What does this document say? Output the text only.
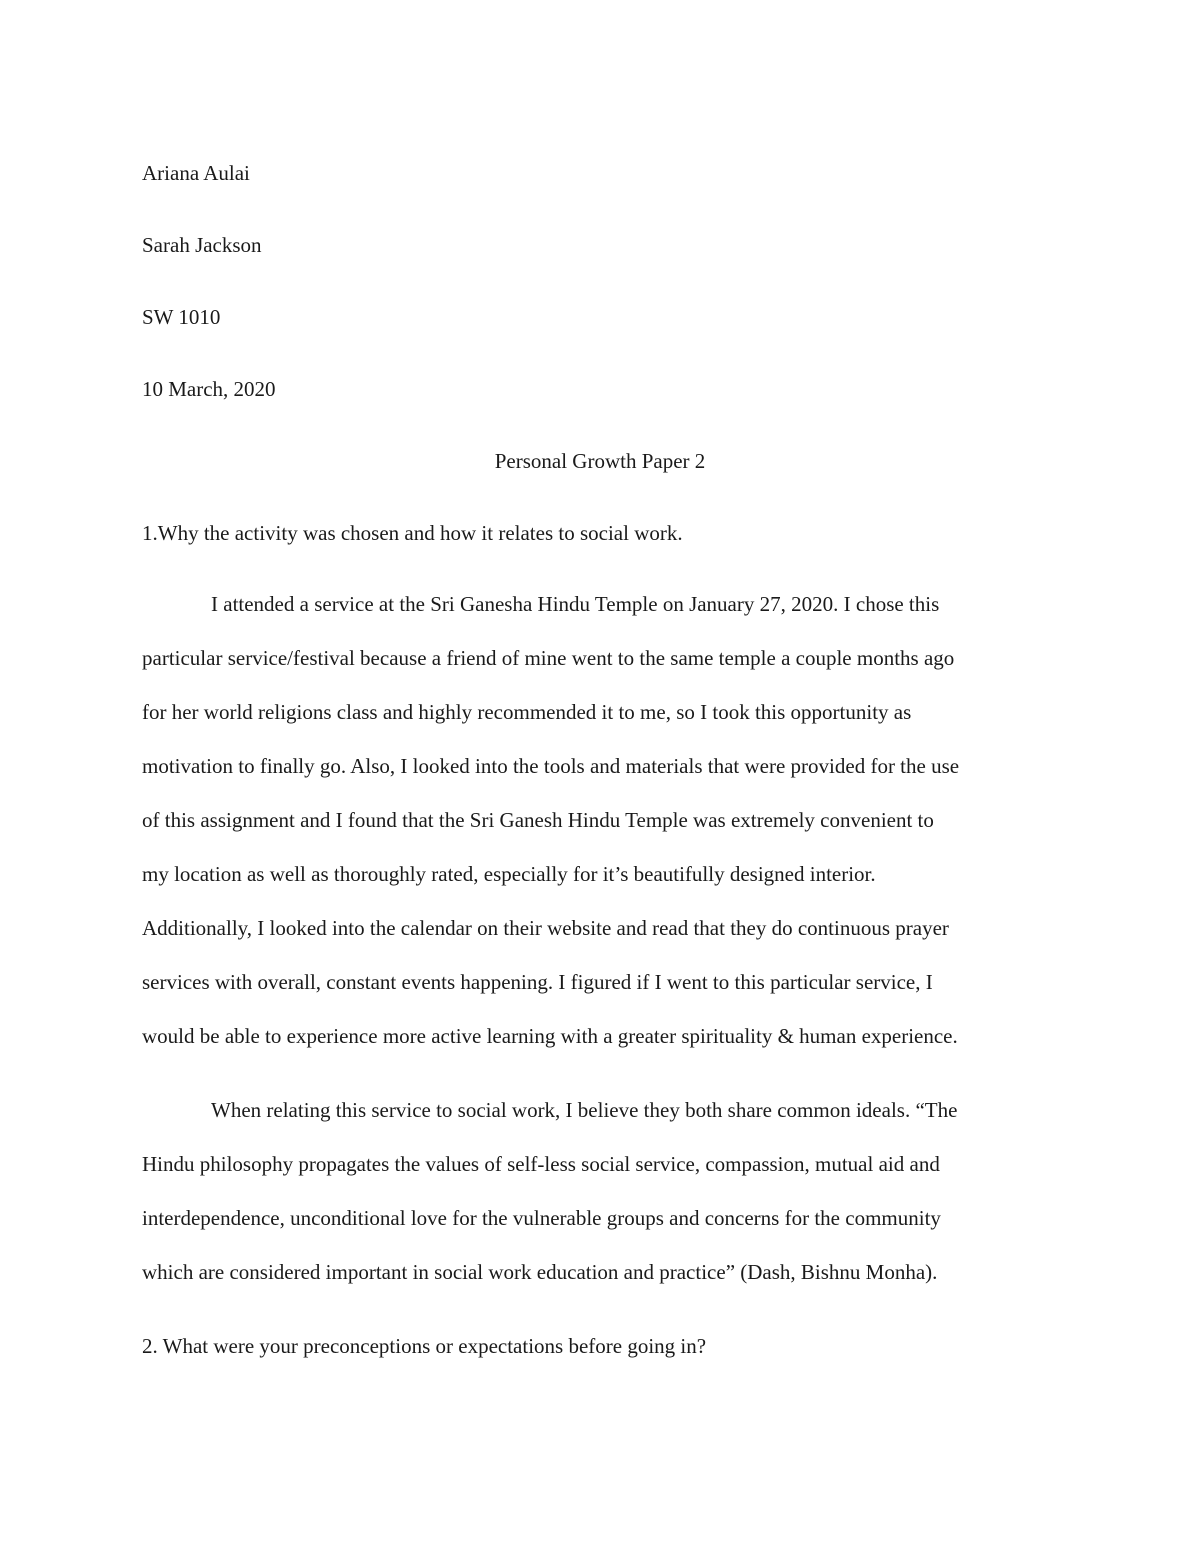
Ariana Aulai
Sarah Jackson
SW 1010
10 March, 2020
Personal Growth Paper 2
1.Why the activity was chosen and how it relates to social work.
I attended a service at the Sri Ganesha Hindu Temple on January 27, 2020. I chose this
particular service/festival because a friend of mine went to the same temple a couple months ago
for her world religions class and highly recommended it to me, so I took this opportunity as
motivation to finally go. Also, I looked into the tools and materials that were provided for the use
of this assignment and I found that the Sri Ganesh Hindu Temple was extremely convenient to
my location as well as thoroughly rated, especially for it’s beautifully designed interior.
Additionally, I looked into the calendar on their website and read that they do continuous prayer
services with overall, constant events happening. I figured if I went to this particular service, I
would be able to experience more active learning with a greater spirituality & human experience.
When relating this service to social work, I believe they both share common ideals. “The
Hindu philosophy propagates the values of self-less social service, compassion, mutual aid and
interdependence, unconditional love for the vulnerable groups and concerns for the community
which are considered important in social work education and practice” (Dash, Bishnu Monha).
2. What were your preconceptions or expectations before going in?
